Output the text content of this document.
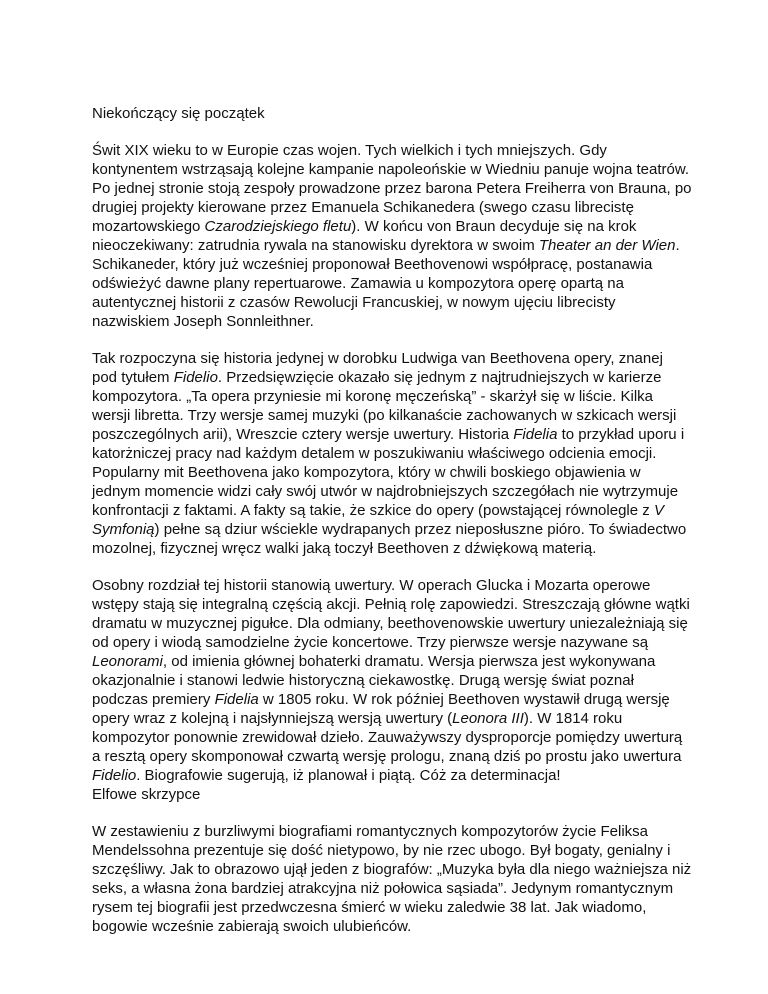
Niekończący się początek

Świt XIX wieku to w Europie czas wojen. Tych wielkich i tych mniejszych. Gdy kontynentem wstrząsają kolejne kampanie napoleońskie w Wiedniu panuje wojna teatrów. Po jednej stronie stoją zespoły prowadzone przez barona Petera Freiherra von Brauna, po drugiej projekty kierowane przez Emanuela Schikanedera (swego czasu librecistę mozartowskiego Czarodziejskiego fletu). W końcu von Braun decyduje się na krok nieoczekiwany: zatrudnia rywala na stanowisku dyrektora w swoim Theater an der Wien. Schikaneder, który już wcześniej proponował Beethovenowi współpracę, postanawia odświeżyć dawne plany repertuarowe. Zamawia u kompozytora operę opartą na autentycznej historii z czasów Rewolucji Francuskiej, w nowym ujęciu librecisty nazwiskiem Joseph Sonnleithner.

Tak rozpoczyna się historia jedynej w dorobku Ludwiga van Beethovena opery, znanej pod tytułem Fidelio. Przedsięwzięcie okazało się jednym z najtrudniejszych w karierze kompozytora. „Ta opera przyniesie mi koronę męczeńską” - skarżył się w liście. Kilka wersji libretta. Trzy wersje samej muzyki (po kilkanaście zachowanych w szkicach wersji poszczególnych arii), Wreszcie cztery wersje uwertury. Historia Fidelia to przykład uporu i katorżniczej pracy nad każdym detalem w poszukiwaniu właściwego odcienia emocji. Popularny mit Beethovena jako kompozytora, który w chwili boskiego objawienia w jednym momencie widzi cały swój utwór w najdrobniejszych szczegółach nie wytrzymuje konfrontacji z faktami. A fakty są takie, że szkice do opery (powstającej równolegle z V Symfonią) pełne są dziur wściekle wydrapanych przez nieposłuszne pióro. To świadectwo mozolnej, fizycznej wręcz walki jaką toczył Beethoven z dźwiękową materią.

Osobny rozdział tej historii stanowią uwertury. W operach Glucka i Mozarta operowe wstępy stają się integralną częścią akcji. Pełnią rolę zapowiedzi. Streszczają główne wątki dramatu w muzycznej pigułce. Dla odmiany, beethovenowskie uwertury uniezależniają się od opery i wiodą samodzielne życie koncertowe. Trzy pierwsze wersje nazywane są Leonorami, od imienia głównej bohaterki dramatu. Wersja pierwsza jest wykonywana okazjonalnie i stanowi ledwie historyczną ciekawostkę. Drugą wersję świat poznał podczas premiery Fidelia w 1805 roku. W rok później Beethoven wystawił drugą wersję opery wraz z kolejną i najsłynniejszą wersją uwertury (Leonora III). W 1814 roku kompozytor ponownie zrewidował dzieło. Zauważywszy dysproporcje pomiędzy uwerturą a resztą opery skomponował czwartą wersję prologu, znaną dziś po prostu jako uwertura Fidelio. Biografowie sugerują, iż planował i piątą. Cóż za determinacja!

Elfowe skrzypce

W zestawieniu z burzliwymi biografiami romantycznych kompozytorów życie Feliksa Mendelssohna prezentuje się dość nietypowo, by nie rzec ubogo. Był bogaty, genialny i szczęśliwy. Jak to obrazowo ujął jeden z biografów: „Muzyka była dla niego ważniejsza niż seks, a własna żona bardziej atrakcyjna niż połowica sąsiada”. Jedynym romantycznym rysem tej biografii jest przedwczesna śmierć w wieku zaledwie 38 lat. Jak wiadomo, bogowie wcześnie zabierają swoich ulubieńców.
